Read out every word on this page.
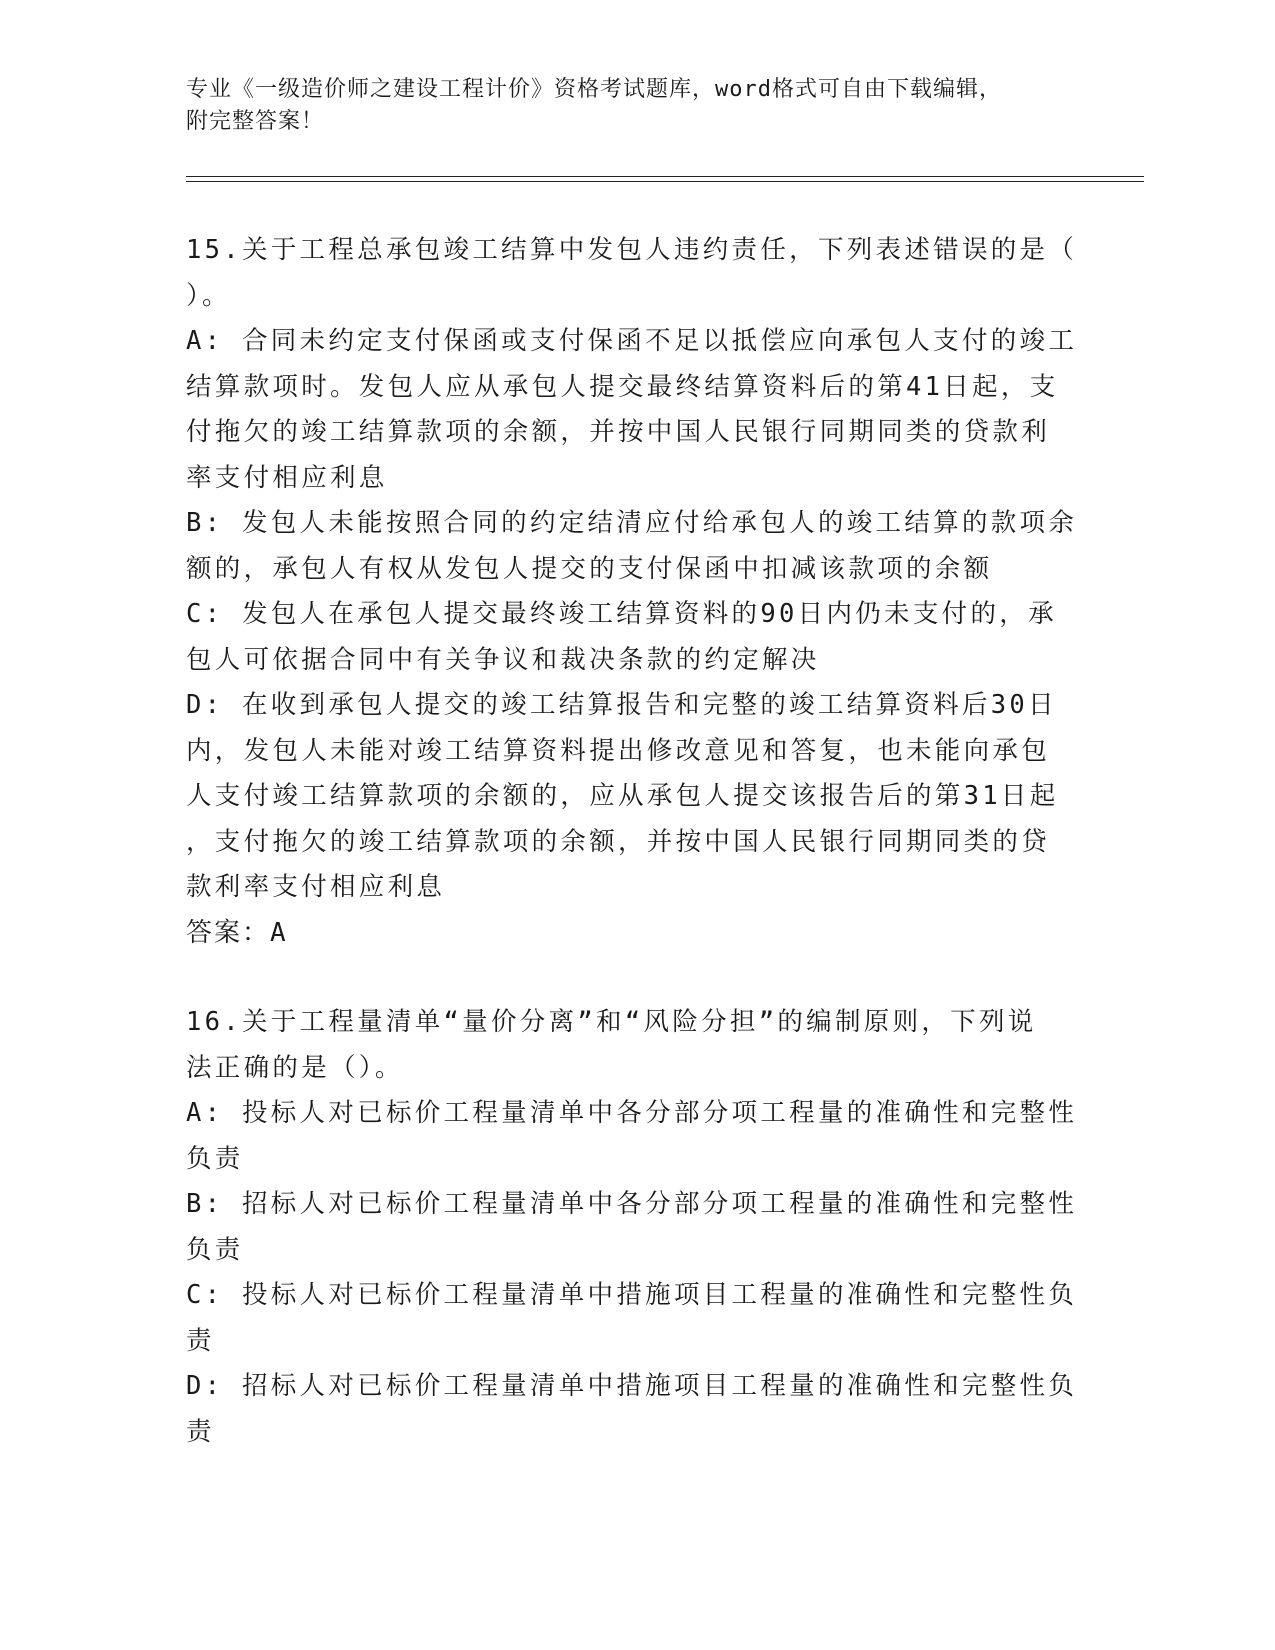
专业《一级造价师之建设工程计价》资格考试题库，word格式可自由下载编辑，

附完整答案！

15.关于工程总承包竣工结算中发包人违约责任，下列表述错误的是（
）。
A: 合同未约定支付保函或支付保函不足以抵偿应向承包人支付的竣工
结算款项时。发包人应从承包人提交最终结算资料后的第41日起，支
付拖欠的竣工结算款项的余额，并按中国人民银行同期同类的贷款利
率支付相应利息
B: 发包人未能按照合同的约定结清应付给承包人的竣工结算的款项余
额的，承包人有权从发包人提交的支付保函中扣减该款项的余额
C: 发包人在承包人提交最终竣工结算资料的90日内仍未支付的，承
包人可依据合同中有关争议和裁决条款的约定解决
D: 在收到承包人提交的竣工结算报告和完整的竣工结算资料后30日
内，发包人未能对竣工结算资料提出修改意见和答复，也未能向承包
人支付竣工结算款项的余额的，应从承包人提交该报告后的第31日起
，支付拖欠的竣工结算款项的余额，并按中国人民银行同期同类的贷
款利率支付相应利息
答案：A
16.关于工程量清单“量价分离”和“风险分担”的编制原则，下列说
法正确的是（）。
A: 投标人对已标价工程量清单中各分部分项工程量的准确性和完整性
负责
B: 招标人对已标价工程量清单中各分部分项工程量的准确性和完整性
负责
C: 投标人对已标价工程量清单中措施项目工程量的准确性和完整性负
责
D: 招标人对已标价工程量清单中措施项目工程量的准确性和完整性负
责
